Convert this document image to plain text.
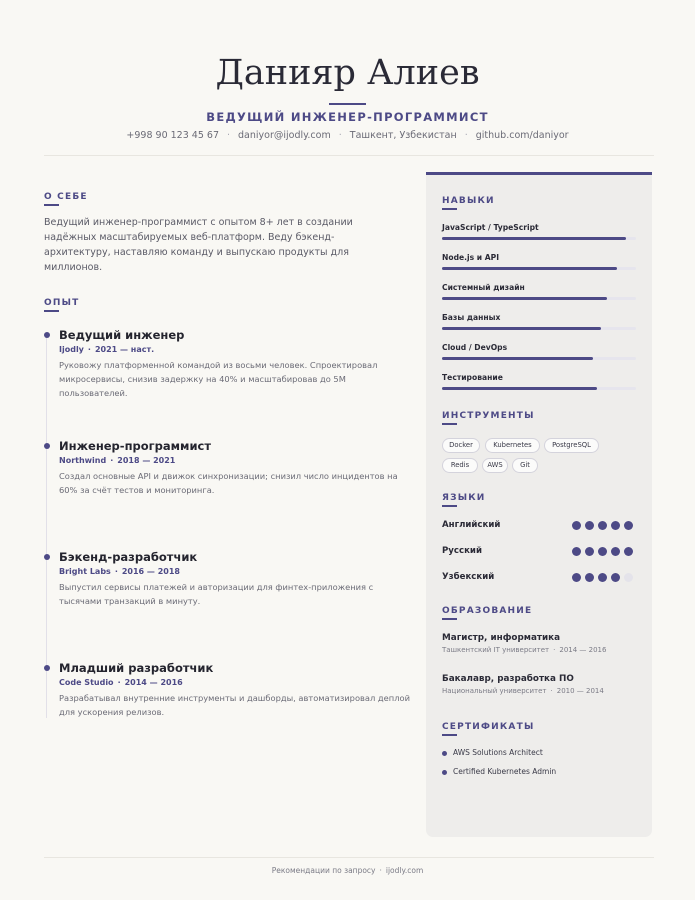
Данияр Алиев
ВЕДУЩИЙ ИНЖЕНЕР-ПРОГРАММИСТ
+998 90 123 45 67 · daniyor@ijodly.com · Ташкент, Узбекистан · github.com/daniyor
О СЕБЕ
Ведущий инженер-программист с опытом 8+ лет в создании надёжных масштабируемых веб-платформ. Веду бэкенд-архитектуру, наставляю команду и выпускаю продукты для миллионов.
ОПЫТ
Ведущий инженер
Ijodly · 2021 — наст.
Руковожу платформенной командой из восьми человек. Спроектировал микросервисы, снизив задержку на 40% и масштабировав до 5М пользователей.
Инженер-программист
Northwind · 2018 — 2021
Создал основные API и движок синхронизации; снизил число инцидентов на 60% за счёт тестов и мониторинга.
Бэкенд-разработчик
Bright Labs · 2016 — 2018
Выпустил сервисы платежей и авторизации для финтех-приложения с тысячами транзакций в минуту.
Младший разработчик
Code Studio · 2014 — 2016
Разрабатывал внутренние инструменты и дашборды, автоматизировал деплой для ускорения релизов.
НАВЫКИ
JavaScript / TypeScript
Node.js и API
Системный дизайн
Базы данных
Cloud / DevOps
Тестирование
ИНСТРУМЕНТЫ
Docker	Kubernetes	PostgreSQL
Redis	AWS	Git
ЯЗЫКИ
Английский
Русский
Узбекский
ОБРАЗОВАНИЕ
Магистр, информатика
Ташкентский IT университет · 2014 — 2016
Бакалавр, разработка ПО
Национальный университет · 2010 — 2014
СЕРТИФИКАТЫ
AWS Solutions Architect
Certified Kubernetes Admin
Рекомендации по запросу · ijodly.com
